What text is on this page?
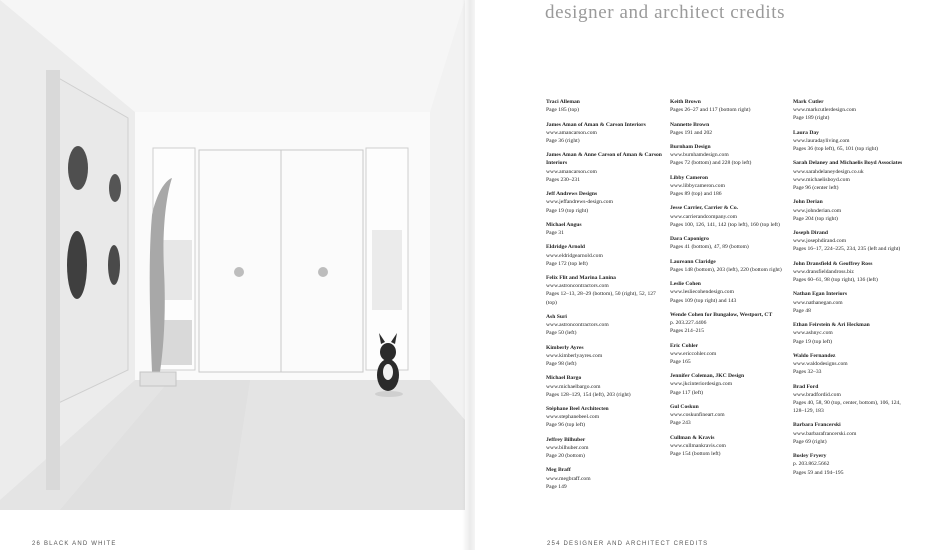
26 BLACK AND WHITE
designer and architect credits
254 DESIGNER AND ARCHITECT CREDITS
Traci Alleman
Page 185 (top)
James Aman of Aman & Carson Interiors
www.amancarson.com
Page 36 (right)
James Aman & Anne Carson of Aman & Carson Interiors
www.amancarson.com
Pages 230–231
Jeff Andrews Designs
www.jeffandrews-design.com
Page 19 (top right)
Michael Angus
Page 31
Eldridge Arnold
www.eldridgearnold.com
Page 172 (top left)
Felix Flit and Marina Lanina
www.astroncontractors.com
Pages 12–13, 28–29 (bottom), 50 (right), 52, 127 (top)
Ash Suri
www.astroncontractors.com
Page 50 (left)
Kimberly Ayres
www.kimberlyayres.com
Page 98 (left)
Michael Bargo
www.michaelbargo.com
Pages 128–129, 154 (left), 203 (right)
Stéphane Beel Architecten
www.stephanebeel.com
Page 96 (top left)
Jeffrey Bilhuber
www.bilhuber.com
Page 20 (bottom)
Meg Braff
www.megbraff.com
Page 149
Keith Brown
Pages 26–27 and 117 (bottom right)
Nannette Brown
Pages 191 and 202
Burnham Design
www.burnhamdesign.com
Pages 72 (bottom) and 228 (top left)
Libby Cameron
www.libbycameron.com
Pages 89 (top) and 186
Jesse Carrier, Carrier & Co.
www.carrierandcompany.com
Pages 100, 126, 141, 142 (top left), 160 (top left)
Dara Caponigro
Pages 41 (bottom), 47, 89 (bottom)
Laureann Claridge
Pages 148 (bottom), 203 (left), 220 (bottom right)
Leslie Cohen
www.lesliecohendesign.com
Pages 109 (top right) and 143
Wende Cohen for Bungalow, Westport, CT
p. 203.227.4406
Pages 214–215
Eric Cohler
www.ericcohler.com
Page 165
Jennifer Coleman, JKC Design
www.jkcinteriordesign.com
Page 117 (left)
Gul Coskun
www.coskunfineart.com
Page 243
Cullman & Kravis
www.cullmankravis.com
Page 154 (bottom left)
Mark Cutler
www.markcutlerdesign.com
Page 189 (right)
Laura Day
www.lauradayliving.com
Pages 36 (top left), 65, 101 (top right)
Sarah Delaney and Michaelis Boyd Associates
www.sarahdelaneydesign.co.uk
www.michaelisboyd.com
Page 96 (center left)
John Derian
www.johnderian.com
Page 204 (top right)
Joseph Dirand
www.josephdirand.com
Pages 16–17, 224–225, 234, 235 (left and right)
John Dransfield & Geoffrey Ross
www.dransfieldandross.biz
Pages 60–61, 98 (top right), 136 (left)
Nathan Egan Interiors
www.nathanegan.com
Page 48
Ethan Feirstein & Ari Heckman
www.ashnyc.com
Page 19 (top left)
Waldo Fernandez
www.waldodesigns.com
Pages 32–33
Brad Ford
www.bradfordid.com
Pages 40, 58, 90 (top, center, bottom), 106, 124, 128–129, 183
Barbara Francerski
www.barbarafrancerski.com
Page 69 (right)
Bosley Fryery
p. 203.862.5662
Pages 59 and 194–195
